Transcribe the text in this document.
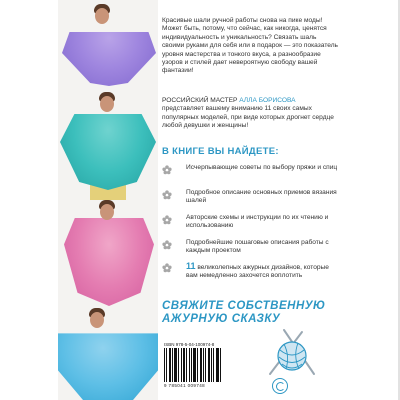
Красивые шали ручной работы снова на пике моды! Может быть, потому, что сейчас, как никогда, ценятся индивидуальность и уникальность? Связать шаль своими руками для себя или в подарок — это показатель уровня мастерства и тонкого вкуса, а разнообразие узоров и стилей дает невероятную свободу вашей фантазии!

РОССИЙСКИЙ МАСТЕР АЛЛА БОРИСОВА представляет вашему вниманию 11 своих самых популярных моделей, при виде которых дрогнет сердце любой девушки и женщины!

В КНИГЕ ВЫ НАЙДЕТЕ:
Исчерпывающие советы по выбору пряжи и спиц
Подробное описание основных приемов вязания шалей
Авторские схемы и инструкции по их чтению и использованию
Подробнейшие пошаговые описания работы с каждым проектом
11 великолепных ажурных дизайнов, которые вам немедленно захочется воплотить
СВЯЖИТЕ СОБСТВЕННУЮ
АЖУРНУЮ СКАЗКУ
ISBN 978-5-04-100974-8
9 785041 009748
